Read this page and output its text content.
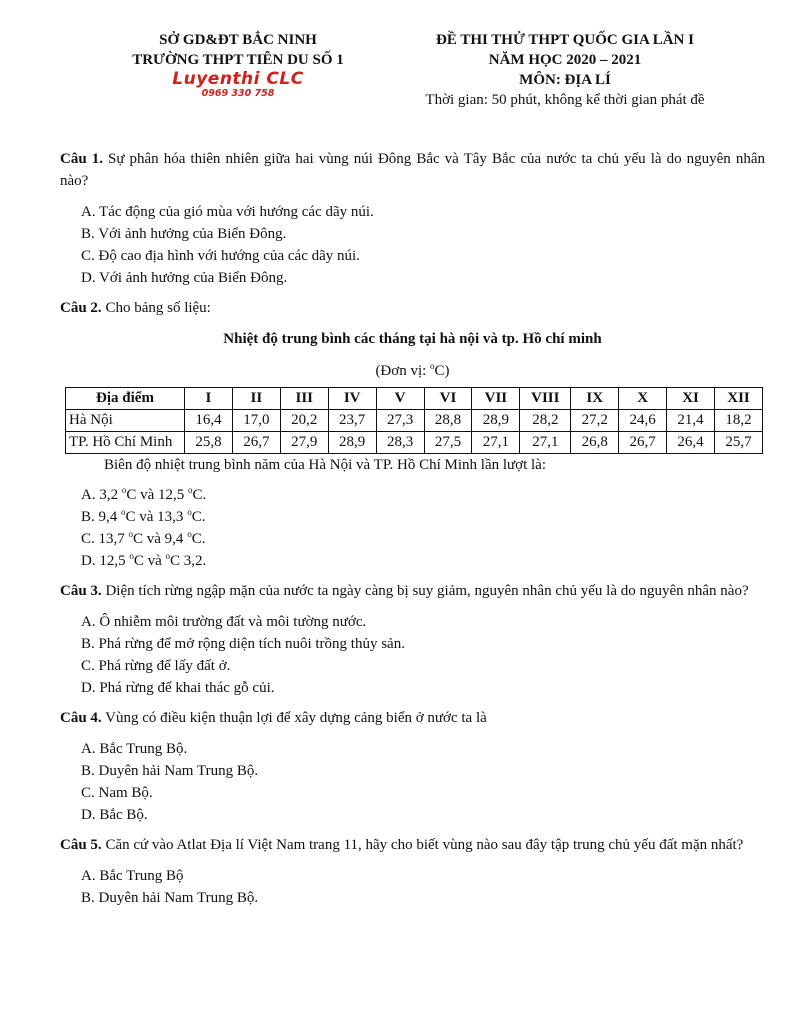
SỞ GD&ĐT BẮC NINH
TRƯỜNG THPT TIÊN DU SỐ 1
Luyenthi CLC
0969 330 758
ĐỀ THI THỬ THPT QUỐC GIA LẦN I
NĂM HỌC 2020 – 2021
MÔN: ĐỊA LÍ
Thời gian: 50 phút, không kể thời gian phát đề
Câu 1. Sự phân hóa thiên nhiên giữa hai vùng núi Đông Bắc và Tây Bắc của nước ta chủ yếu là do nguyên nhân nào?
A. Tác động của gió mùa với hướng các dãy núi.
B. Với ảnh hưởng của Biển Đông.
C. Độ cao địa hình với hướng của các dãy núi.
D. Với ảnh hưởng của Biển Đông.
Câu 2. Cho bảng số liệu:
Nhiệt độ trung bình các tháng tại hà nội và tp. Hồ chí minh
(Đơn vị: $^o$C)
Địa điểm	I	II	III	IV	V	VI	VII	VIII	IX	X	XI	XII
Hà Nội	16,4	17,0	20,2	23,7	27,3	28,8	28,9	28,2	27,2	24,6	21,4	18,2
TP. Hồ Chí Minh	25,8	26,7	27,9	28,9	28,3	27,5	27,1	27,1	26,8	26,7	26,4	25,7
Biên độ nhiệt trung bình năm của Hà Nội và TP. Hồ Chí Minh lần lượt là:
A. 3,2 $^o$C và 12,5 $^o$C.
B. 9,4 $^o$C và 13,3 $^o$C.
C. 13,7 $^o$C và 9,4 $^o$C.
D. 12,5 $^o$C và $^o$C 3,2.
Câu 3. Diện tích rừng ngập mặn của nước ta ngày càng bị suy giảm, nguyên nhân chủ yếu là do nguyên nhân nào?
A. Ô nhiễm môi trường đất và môi tường nước.
B. Phá rừng để mở rộng diện tích nuôi trồng thủy sản.
C. Phá rừng để lấy đất ở.
D. Phá rừng để khai thác gỗ củi.
Câu 4. Vùng có điều kiện thuận lợi để xây dựng cảng biển ở nước ta là
A. Bắc Trung Bộ.
B. Duyên hải Nam Trung Bộ.
C. Nam Bộ.
D. Bắc Bộ.
Câu 5. Căn cứ vào Atlat Địa lí Việt Nam trang 11, hãy cho biết vùng nào sau đây tập trung chủ yếu đất mặn nhất?
A. Bắc Trung Bộ
B. Duyên hải Nam Trung Bộ.
